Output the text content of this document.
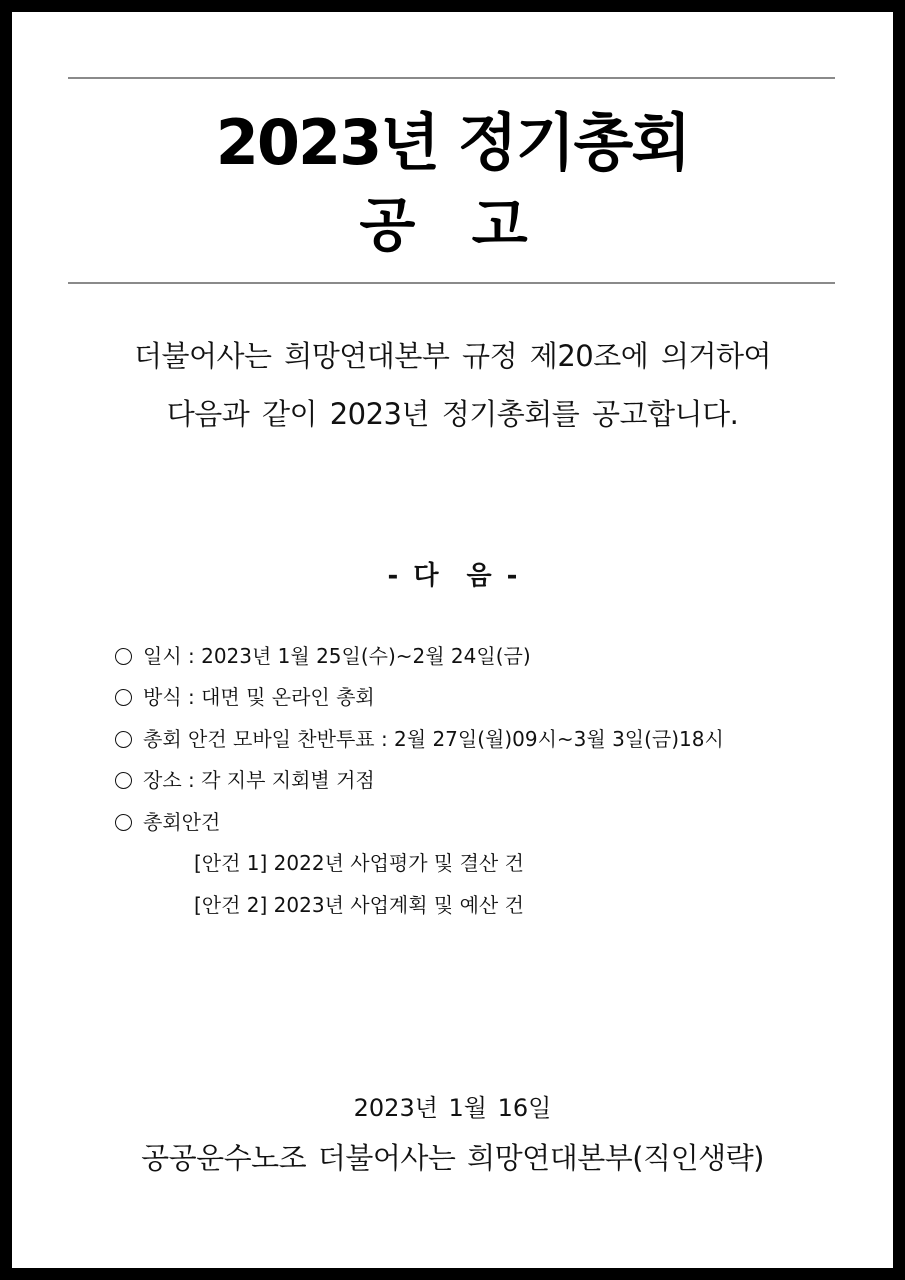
2023년 정기총회
공 고
더불어사는 희망연대본부 규정 제20조에 의거하여
다음과 같이 2023년 정기총회를 공고합니다.
- 다 음 -
일시 : 2023년 1월 25일(수)~2월 24일(금)
방식 : 대면 및 온라인 총회
총회 안건 모바일 찬반투표 : 2월 27일(월)09시~3월 3일(금)18시
장소 : 각 지부 지회별 거점
총회안건
[안건 1] 2022년 사업평가 및 결산 건
[안건 2] 2023년 사업계획 및 예산 건
2023년 1월 16일
공공운수노조 더불어사는 희망연대본부(직인생략)
